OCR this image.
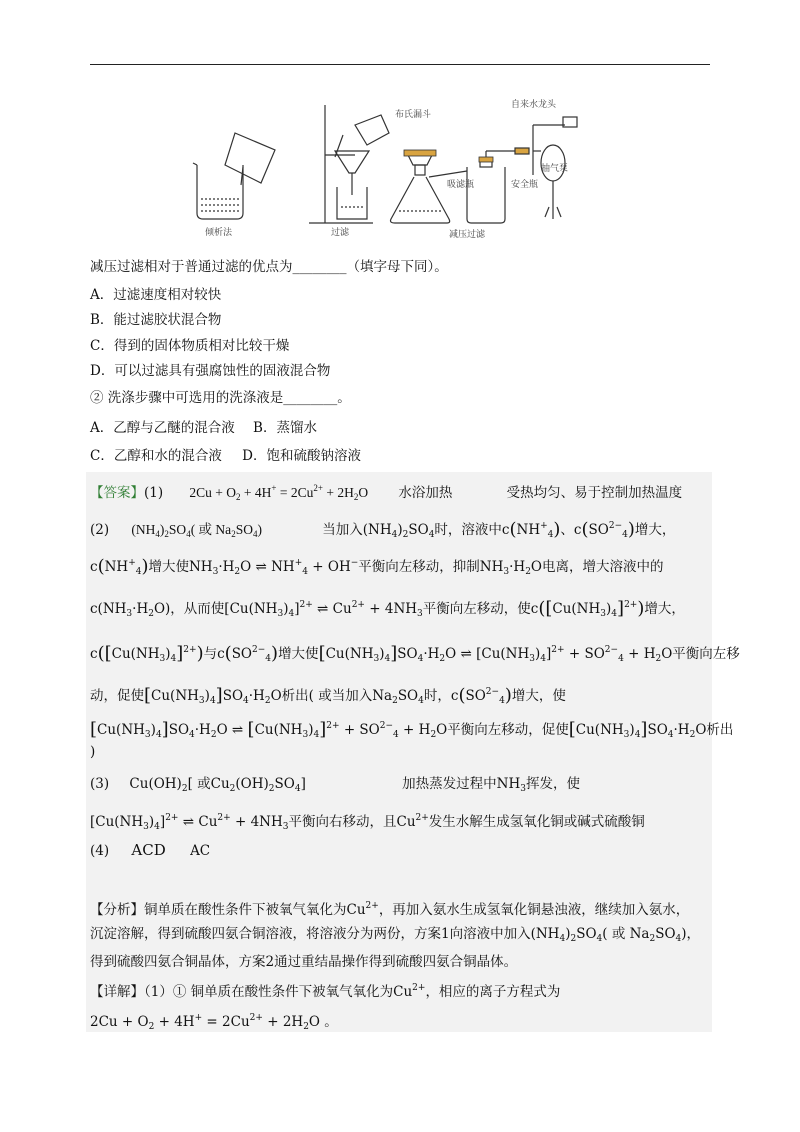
倾析法	过滤	减压过滤
布氏漏斗
吸滤瓶	安全瓶
自来水龙头
抽气泵
减压过滤相对于普通过滤的优点为________（填字母下同）。
A．过滤速度相对较快
B．能过滤胶状混合物
C．得到的固体物质相对比较干燥
D．可以过滤具有强腐蚀性的固液混合物
② 洗涤步骤中可选用的洗涤液是________。
A．乙醇与乙醚的混合液 B．蒸馏水
C．乙醇和水的混合液 D．饱和硫酸钠溶液
【答案】(1) $2Cu + O_2 + 4H^+ = 2Cu^{2+} + 2H_2O$ 水浴加热	受热均匀、易于控制加热温度
(2) $(NH_4)_2SO_4$( 或 $Na_2SO_4$)	当加入$(NH_4)_2SO_4$时，溶液中$c(NH^+_4)$、$c(SO^{2-}_4)$增大，
$c(NH^+_4)$增大使$NH_3\cdot H_2O$ ⇌ $NH^+_4 + OH^-$平衡向左移动，抑制$NH_3\cdot H_2O$电离，增大溶液中的
$c(NH_3\cdot H_2O)$，从而使$[Cu(NH_3)_4]^{2+}$ ⇌ $Cu^{2+} + 4NH_3$平衡向左移动，使$c([Cu(NH_3)_4]^{2+})$增大，
$c([Cu(NH_3)_4]^{2+})$与$c(SO^{2-}_4)$增大使$[Cu(NH_3)_4]SO_4\cdot H_2O$ ⇌ $[Cu(NH_3)_4]^{2+} + SO^{2-}_4 + H_2O$平衡向左移
动，促使$[Cu(NH_3)_4]SO_4\cdot H_2O$析出( 或当加入$Na_2SO_4$时，$c(SO^{2-}_4)$增大，使
$[Cu(NH_3)_4]SO_4\cdot H_2O$ ⇌ $[Cu(NH_3)_4]^{2+} + SO^{2-}_4 + H_2O$平衡向左移动，促使$[Cu(NH_3)_4]SO_4\cdot H_2O$析出
)
(3) $Cu(OH)_2$[ 或$Cu_2(OH)_2SO_4$]	加热蒸发过程中$NH_3$挥发，使
$[Cu(NH_3)_4]^{2+}$ ⇌ $Cu^{2+} + 4NH_3$平衡向右移动，且$Cu^{2+}$发生水解生成氢氧化铜或碱式硫酸铜
(4) ACD AC
【分析】铜单质在酸性条件下被氧气氧化为$Cu^{2+}$，再加入氨水生成氢氧化铜悬浊液，继续加入氨水，
沉淀溶解，得到硫酸四氨合铜溶液，将溶液分为两份，方案1向溶液中加入$(NH_4)_2SO_4$( 或 $Na_2SO_4$)，
得到硫酸四氨合铜晶体，方案2通过重结晶操作得到硫酸四氨合铜晶体。
【详解】（1）① 铜单质在酸性条件下被氧气氧化为$Cu^{2+}$，相应的离子方程式为
$2Cu + O_2 + 4H^+ = 2Cu^{2+} + 2H_2O$ 。
